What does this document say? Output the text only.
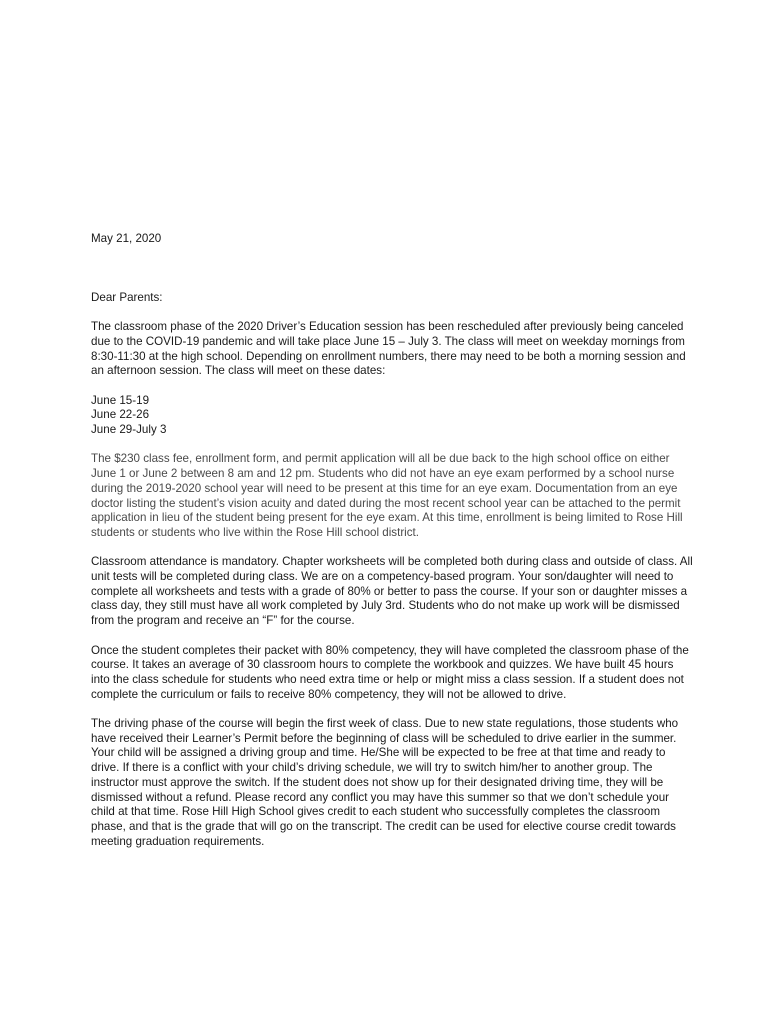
May 21, 2020

Dear Parents:

The classroom phase of the 2020 Driver’s Education session has been rescheduled after previously being canceled due to the COVID-19 pandemic and will take place June 15 – July 3. The class will meet on weekday mornings from 8:30-11:30 at the high school. Depending on enrollment numbers, there may need to be both a morning session and an afternoon session. The class will meet on these dates:

June 15-19
June 22-26
June 29-July 3

The $230 class fee, enrollment form, and permit application will all be due back to the high school office on either June 1 or June 2 between 8 am and 12 pm. Students who did not have an eye exam performed by a school nurse during the 2019-2020 school year will need to be present at this time for an eye exam. Documentation from an eye doctor listing the student’s vision acuity and dated during the most recent school year can be attached to the permit application in lieu of the student being present for the eye exam. At this time, enrollment is being limited to Rose Hill students or students who live within the Rose Hill school district.

Classroom attendance is mandatory. Chapter worksheets will be completed both during class and outside of class. All unit tests will be completed during class. We are on a competency-based program. Your son/daughter will need to complete all worksheets and tests with a grade of 80% or better to pass the course. If your son or daughter misses a class day, they still must have all work completed by July 3rd. Students who do not make up work will be dismissed from the program and receive an “F” for the course.

Once the student completes their packet with 80% competency, they will have completed the classroom phase of the course. It takes an average of 30 classroom hours to complete the workbook and quizzes. We have built 45 hours into the class schedule for students who need extra time or help or might miss a class session. If a student does not complete the curriculum or fails to receive 80% competency, they will not be allowed to drive.

The driving phase of the course will begin the first week of class. Due to new state regulations, those students who have received their Learner’s Permit before the beginning of class will be scheduled to drive earlier in the summer. Your child will be assigned a driving group and time. He/She will be expected to be free at that time and ready to drive. If there is a conflict with your child’s driving schedule, we will try to switch him/her to another group. The instructor must approve the switch. If the student does not show up for their designated driving time, they will be dismissed without a refund. Please record any conflict you may have this summer so that we don’t schedule your child at that time. Rose Hill High School gives credit to each student who successfully completes the classroom phase, and that is the grade that will go on the transcript. The credit can be used for elective course credit towards meeting graduation requirements.
